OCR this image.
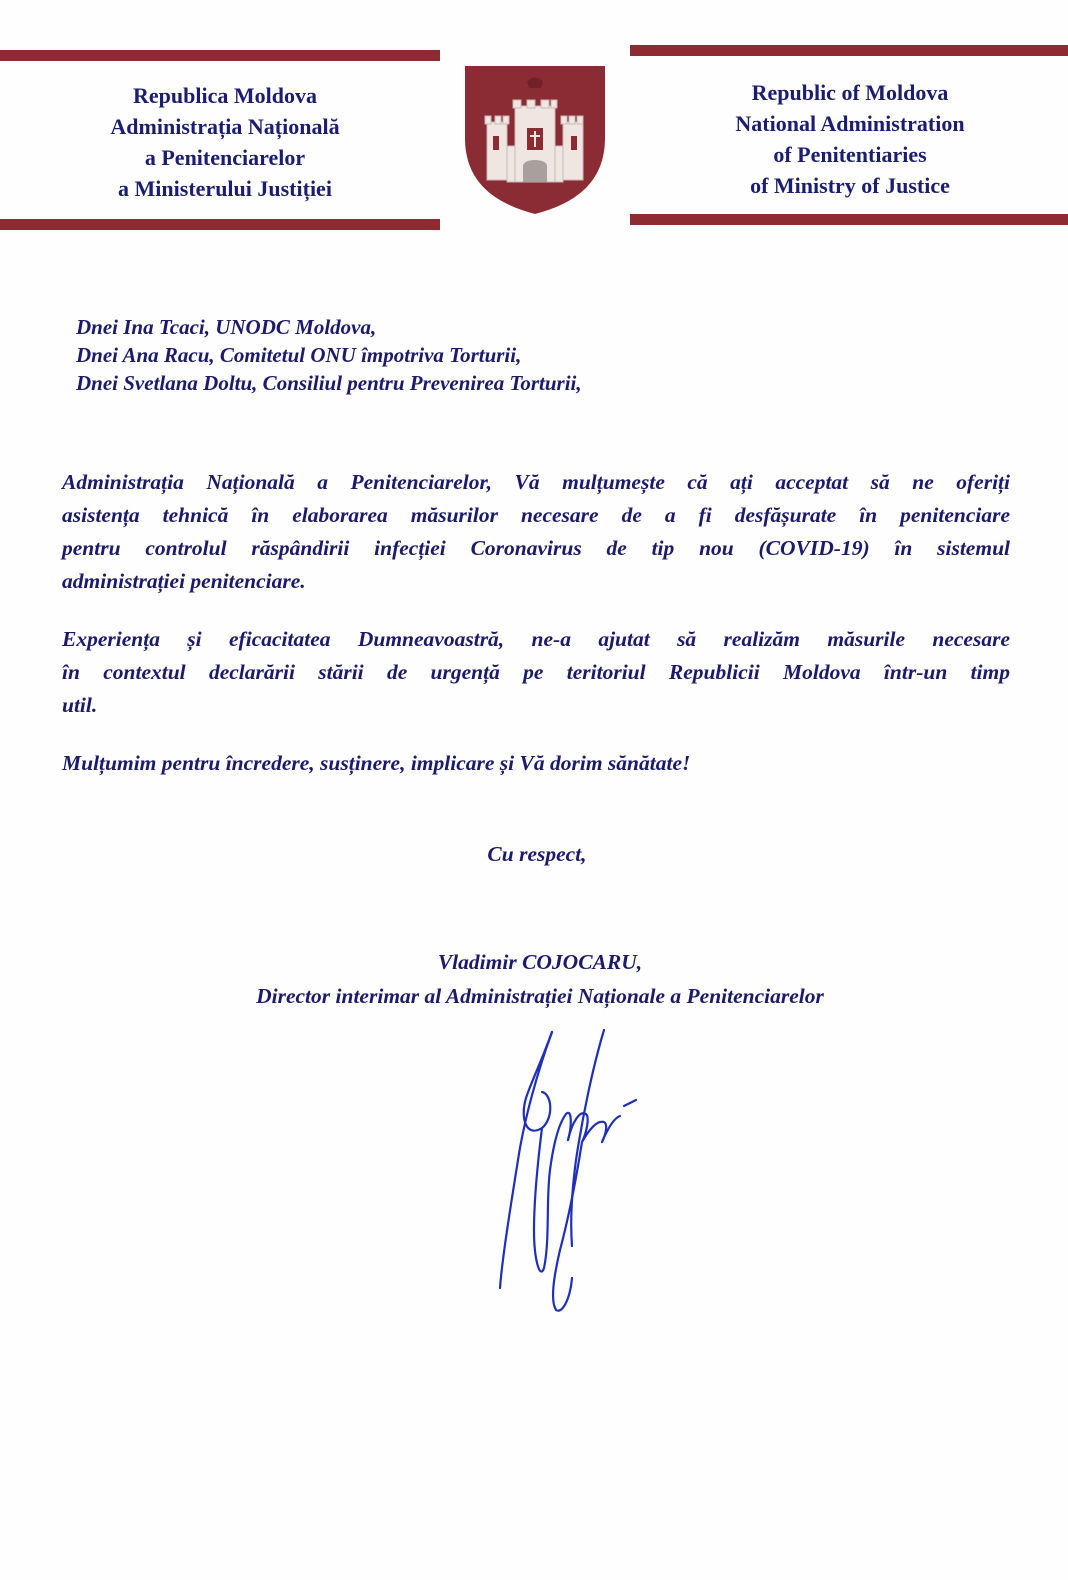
Republica Moldova
Administrația Națională
a Penitenciarelor
a Ministerului Justiției
Republic of Moldova
National Administration
of Penitentiaries
of Ministry of Justice
Dnei Ina Tcaci, UNODC Moldova,
Dnei Ana Racu, Comitetul ONU împotriva Torturii,
Dnei Svetlana Doltu, Consiliul pentru Prevenirea Torturii,
Administrația Națională a Penitenciarelor, Vă mulțumește că ați acceptat să ne oferiți
asistența tehnică în elaborarea măsurilor necesare de a fi desfășurate în penitenciare
pentru controlul răspândirii infecției Coronavirus de tip nou (COVID-19) în sistemul
administrației penitenciare.
Experiența și eficacitatea Dumneavoastră, ne-a ajutat să realizăm măsurile necesare
în contextul declarării stării de urgență pe teritoriul Republicii Moldova într-un timp
util.
Mulțumim pentru încredere, susținere, implicare și Vă dorim sănătate!
Cu respect,
Vladimir COJOCARU,
Director interimar al Administrației Naționale a Penitenciarelor
